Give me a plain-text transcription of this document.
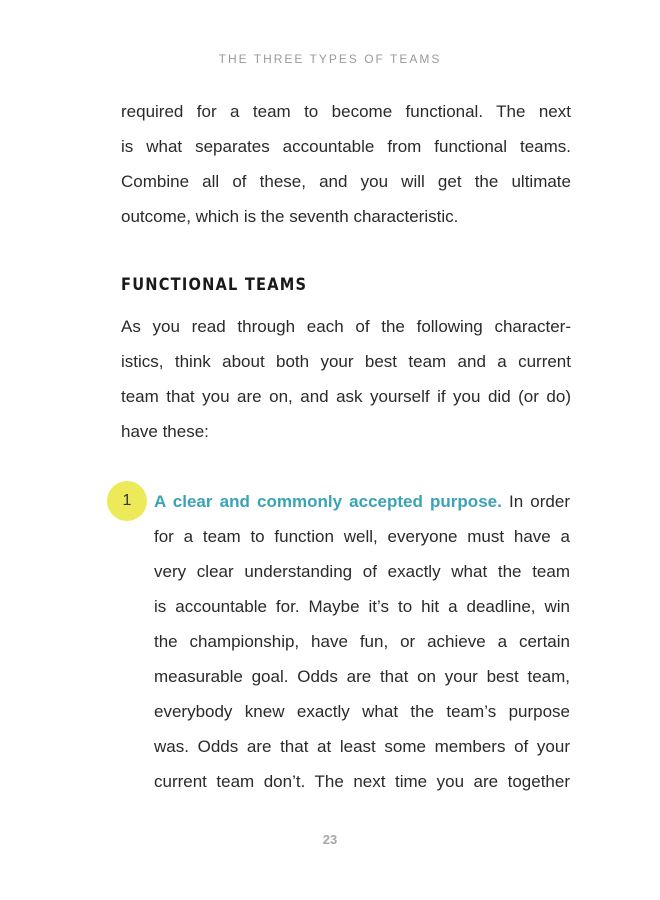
THE THREE TYPES OF TEAMS

required for a team to become functional. The next
is what separates accountable from functional teams.
Combine all of these, and you will get the ultimate
outcome, which is the seventh characteristic.

FUNCTIONAL TEAMS

As you read through each of the following character-
istics, think about both your best team and a current
team that you are on, and ask yourself if you did (or do)
have these:

1	A clear and commonly accepted purpose. In order
for a team to function well, everyone must have a
very clear understanding of exactly what the team
is accountable for. Maybe it’s to hit a deadline, win
the championship, have fun, or achieve a certain
measurable goal. Odds are that on your best team,
everybody knew exactly what the team’s purpose
was. Odds are that at least some members of your
current team don’t. The next time you are together

23
